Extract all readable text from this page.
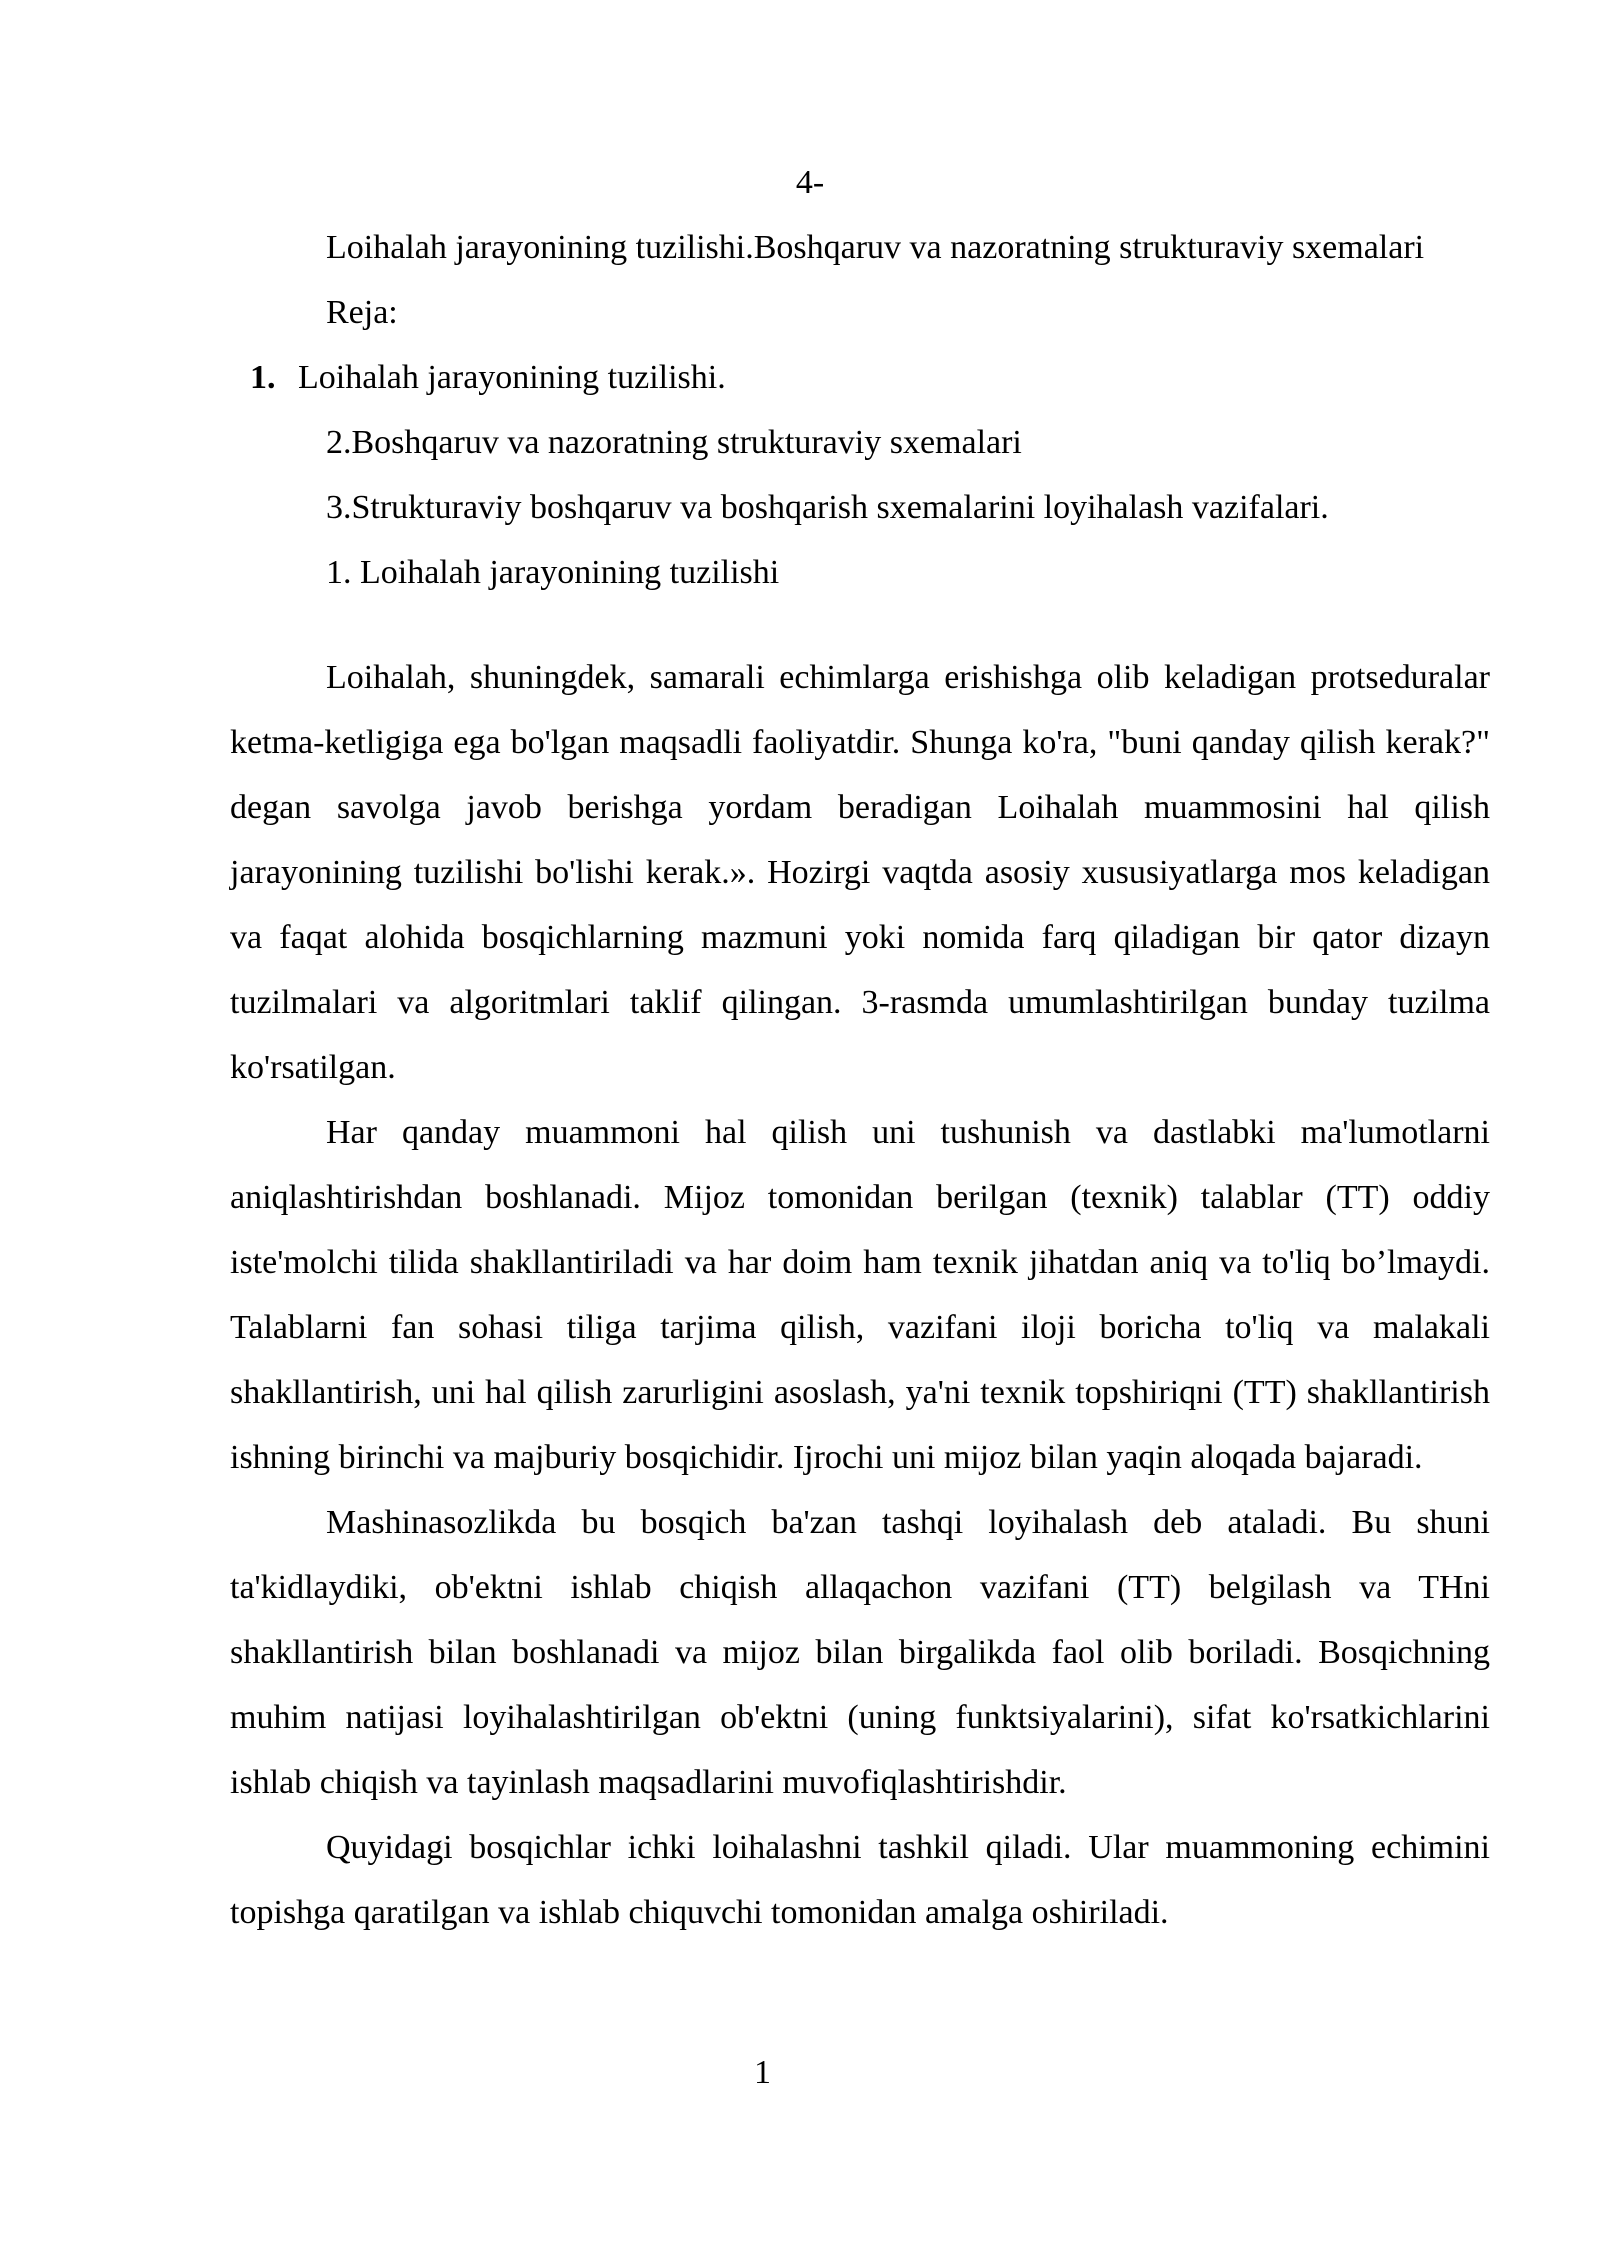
4-

Loihalah jarayonining tuzilishi.Boshqaruv va nazoratning strukturaviy sxemalari

Reja:

1. Loihalah jarayonining tuzilishi.

2.Boshqaruv va nazoratning strukturaviy sxemalari

3.Strukturaviy boshqaruv va boshqarish sxemalarini loyihalash vazifalari.

1. Loihalah jarayonining tuzilishi

Loihalah, shuningdek, samarali echimlarga erishishga olib keladigan protseduralar ketma-ketligiga ega bo'lgan maqsadli faoliyatdir. Shunga ko'ra, "buni qanday qilish kerak?" degan savolga javob berishga yordam beradigan Loihalah muammosini hal qilish jarayonining tuzilishi bo'lishi kerak.». Hozirgi vaqtda asosiy xususiyatlarga mos keladigan va faqat alohida bosqichlarning mazmuni yoki nomida farq qiladigan bir qator dizayn tuzilmalari va algoritmlari taklif qilingan. 3-rasmda umumlashtirilgan bunday tuzilma ko'rsatilgan.

Har qanday muammoni hal qilish uni tushunish va dastlabki ma'lumotlarni aniqlashtirishdan boshlanadi. Mijoz tomonidan berilgan (texnik) talablar (TT) oddiy iste'molchi tilida shakllantiriladi va har doim ham texnik jihatdan aniq va to'liq bo’lmaydi. Talablarni fan sohasi tiliga tarjima qilish, vazifani iloji boricha to'liq va malakali shakllantirish, uni hal qilish zarurligini asoslash, ya'ni texnik topshiriqni (TT) shakllantirish ishning birinchi va majburiy bosqichidir. Ijrochi uni mijoz bilan yaqin aloqada bajaradi.

Mashinasozlikda bu bosqich ba'zan tashqi loyihalash deb ataladi. Bu shuni ta'kidlaydiki, ob'ektni ishlab chiqish allaqachon vazifani (TT) belgilash va THni shakllantirish bilan boshlanadi va mijoz bilan birgalikda faol olib boriladi. Bosqichning muhim natijasi loyihalashtirilgan ob'ektni (uning funktsiyalarini), sifat ko'rsatkichlarini ishlab chiqish va tayinlash maqsadlarini muvofiqlashtirishdir.

Quyidagi bosqichlar ichki loihalashni tashkil qiladi. Ular muammoning echimini topishga qaratilgan va ishlab chiquvchi tomonidan amalga oshiriladi.

1
